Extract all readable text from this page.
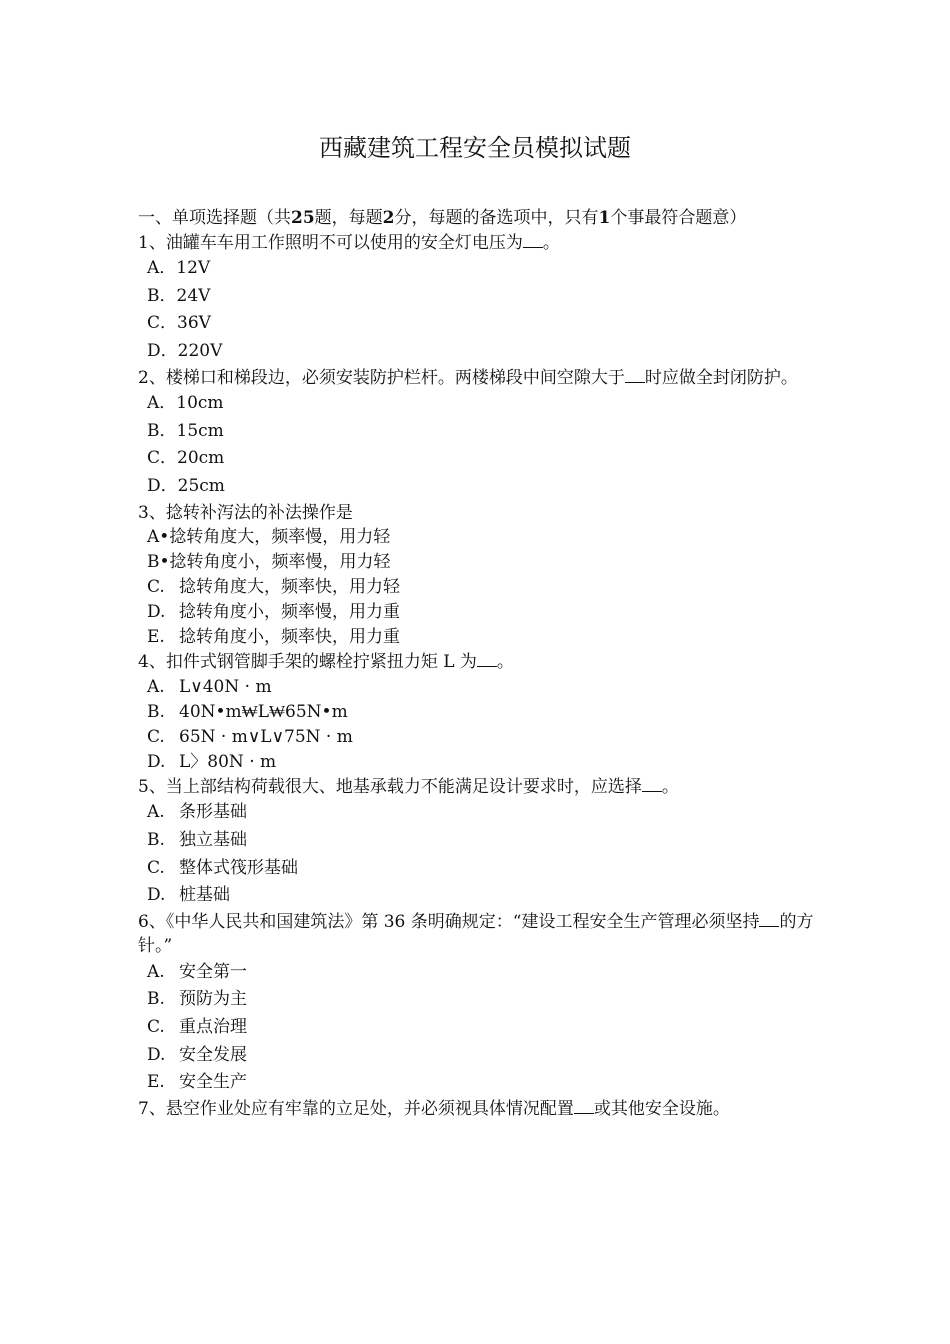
西藏建筑工程安全员模拟试题

一、单项选择题（共25题，每题2分，每题的备选项中，只有1个事最符合题意）

1、油罐车车用工作照明不可以使用的安全灯电压为 。

A．12V
B．24V
C．36V
D．220V

2、楼梯口和梯段边，必须安装防护栏杆。两楼梯段中间空隙大于 时应做全封闭防护。

A．10cm
B．15cm
C．20cm
D．25cm

3、捻转补泻法的补法操作是

A•捻转角度大，频率慢，用力轻
B•捻转角度小，频率慢，用力轻
C. 捻转角度大，频率快，用力轻
D. 捻转角度小，频率慢，用力重
E. 捻转角度小，频率快，用力重

4、扣件式钢管脚手架的螺栓拧紧扭力矩 L 为 。

A. L∨40N · m
B. 40N•m₩L₩65N•m
C. 65N · m∨L∨75N · m
D. L〉80N · m

5、当上部结构荷载很大、地基承载力不能满足设计要求时，应选择 。

A. 条形基础
B. 独立基础
C. 整体式筏形基础
D. 桩基础

6、《中华人民共和国建筑法》第 36 条明确规定：“建设工程安全生产管理必须坚持 的方针。”

A. 安全第一
B. 预防为主
C. 重点治理
D. 安全发展
E. 安全生产

7、悬空作业处应有牢靠的立足处，并必须视具体情况配置 或其他安全设施。
